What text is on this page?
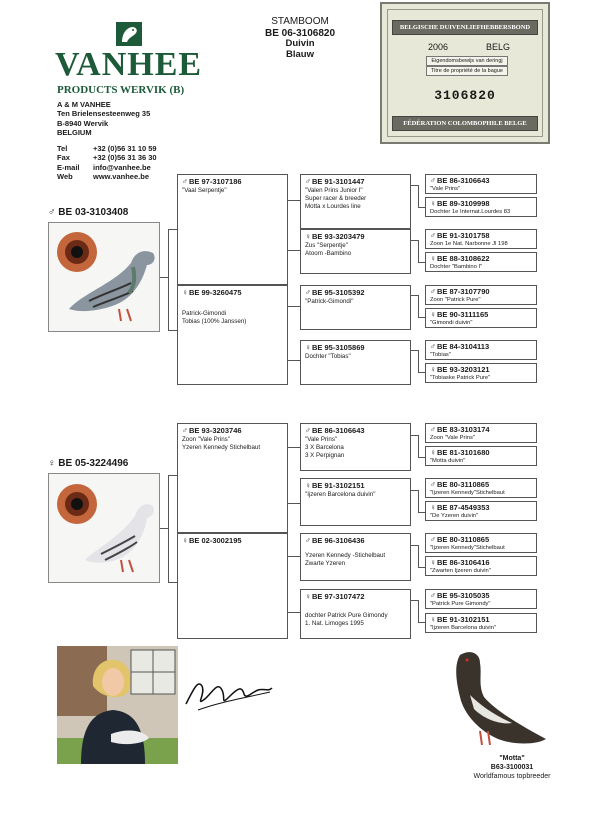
VANHEE
PRODUCTS WERVIK (B)
A & M VANHEE
Ten Brielensesteenweg 35
B-8940 Wervik
BELGIUM
Tel	+32 (0)56 31 10 59
Fax	+32 (0)56 31 36 30
E-mail	info@vanhee.be
Web	www.vanhee.be
STAMBOOM
BE 06-3106820
Duivin
Blauw
BELGISCHE DUIVENLIEFHEBBERSBOND
2006	BELG
Eigendomsbewijs van deringj
Titre de propriété de la bague
3106820
FÉDÉRATION COLOMBOPHILE BELGE
♂ BE 03-3103408
♀ BE 05-3224496
♂BE 97-3107186
"Vaal Serpentje"
♀BE 99-3260475
Patrick-Gimondi
Tobias (100% Janssen)
♂BE 93-3203746
Zoon "Vale Prins"
Yzeren Kennedy Stichelbaut
♀BE 02-3002195
♂BE 91-3101447
"Valen Prins Junior I"
Super racer & breeder
Motta x Lourdes line
♀BE 93-3203479
Zus "Serpentje"
Atoom -Bambino
♂BE 95-3105392
"Patrick-Gimondi"
♀BE 95-3105869
Dochter "Tobias"
♂BE 86-3106643
"Vale Prins"
3 X Barcelona
3 X Perpignan
♀BE 91-3102151
"Ijzeren Barcelona duivin"
♂BE 96-3106436
Yzeren Kennedy -Stichelbaut
Zwarte Yzeren
♀BE 97-3107472
dochter Patrick Pure Gimondy
1. Nat. Limoges 1995
♂BE 86-3106643
"Vale Prins"
♀BE 89-3109998
Dochter 1e Internat.Lourdes 83
♂BE 91-3101758
Zoon 1e Nat. Narbonne Jl 198
♀BE 88-3108622
Dochter "Bambino I"
♂BE 87-3107790
Zoon "Patrick Pure"
♀BE 90-3111165
"Gimondi duivin"
♂BE 84-3104113
"Tobias"
♀BE 93-3203121
"Tobiaske Patrick Pure"
♂BE 83-3103174
Zoon "Vale Prins"
♀BE 81-3101680
"Motta duivin"
♂BE 80-3110865
"Ijzeren Kennedy"Stichelbaut
♀BE 87-4549353
"De Yzeren duivin"
♂BE 80-3110865
"Ijzeren Kennedy"Stichelbaut
♀BE 86-3106416
"Zwarten Ijzeren duivin"
♂BE 95-3105035
"Patrick Pure Gimondy"
♀BE 91-3102151
"Ijzeren Barcelona duivin"
"Motta"
B63-3100031
Worldfamous topbreeder
